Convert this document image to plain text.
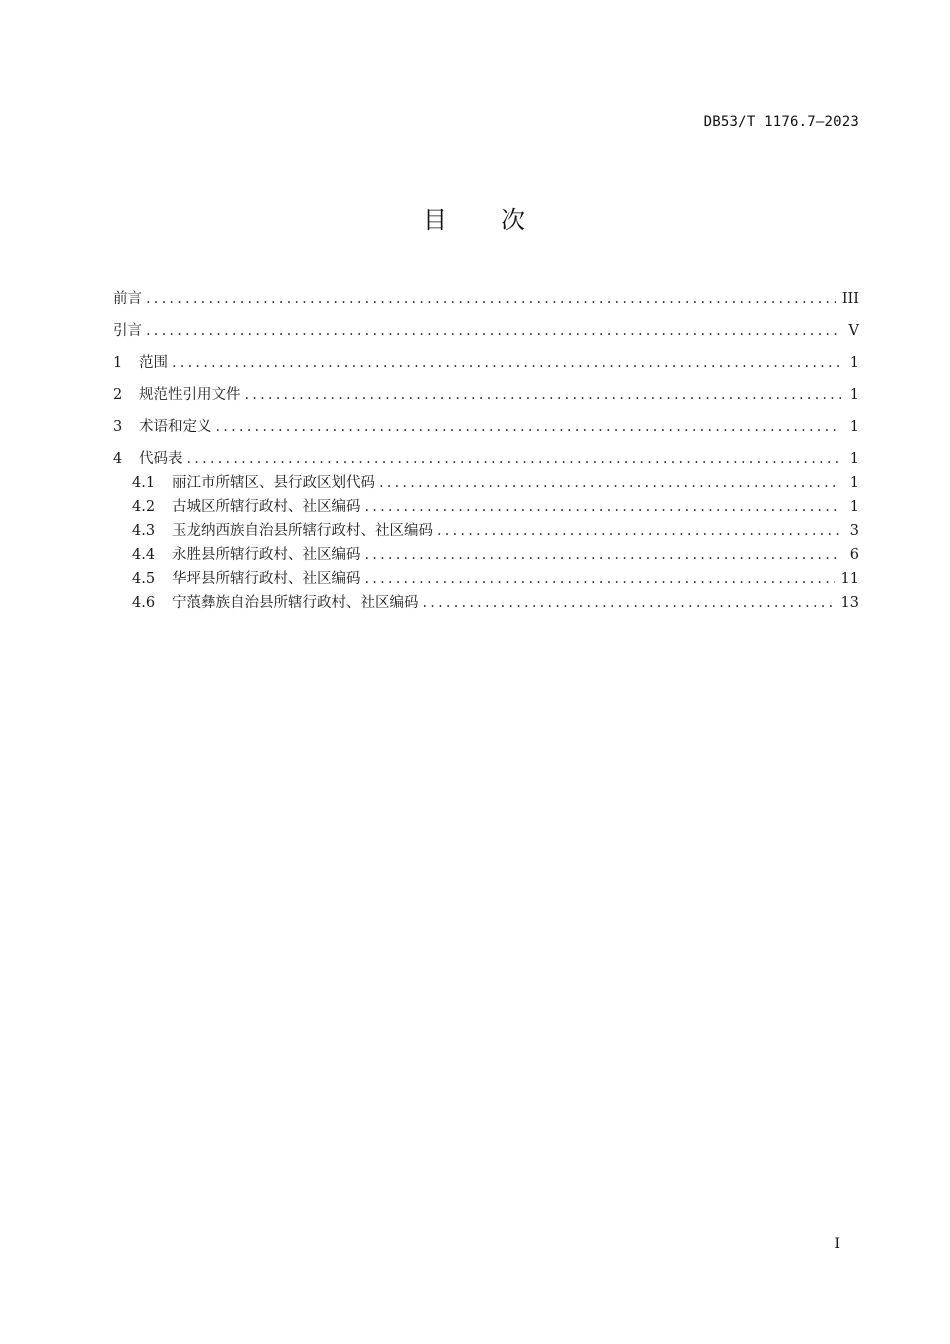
DB53/T 1176.7—2023
目 次
前言 .....	III
引言 .....	V
1	范围 .....	1
2	规范性引用文件 .....	1
3	术语和定义 .....	1
4	代码表 .....	1
4.1	丽江市所辖区、县行政区划代码 .....	1
4.2	古城区所辖行政村、社区编码 .....	1
4.3	玉龙纳西族自治县所辖行政村、社区编码 .....	3
4.4	永胜县所辖行政村、社区编码 .....	6
4.5	华坪县所辖行政村、社区编码 .....	11
4.6	宁蒗彝族自治县所辖行政村、社区编码 .....	13
I
